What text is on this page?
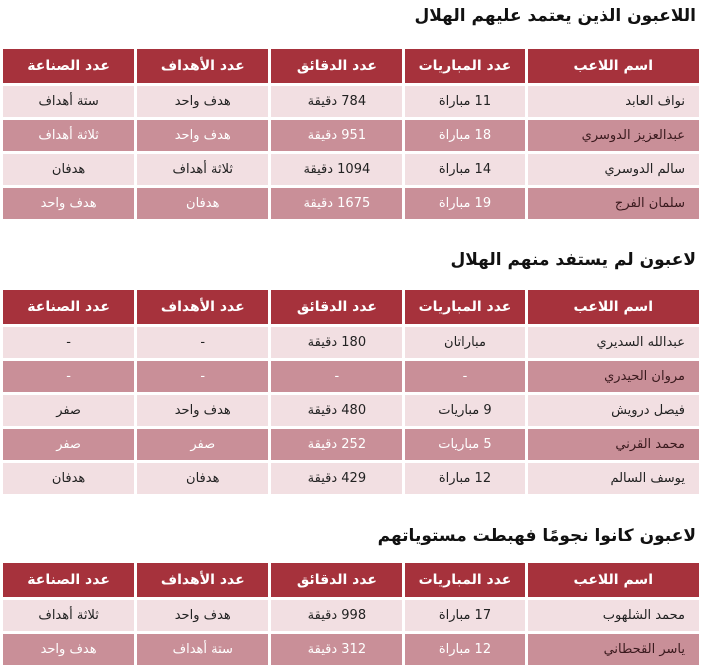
اللاعبون الذين يعتمد عليهم الهلال
اسم اللاعب	عدد المباريات	عدد الدقائق	عدد الأهداف	عدد الصناعة
نواف العابد	11 مباراة	784 دقيقة	هدف واحد	ستة أهداف
عبدالعزيز الدوسري	18 مباراة	951 دقيقة	هدف واحد	ثلاثة أهداف
سالم الدوسري	14 مباراة	1094 دقيقة	ثلاثة أهداف	هدفان
سلمان الفرج	19 مباراة	1675 دقيقة	هدفان	هدف واحد
لاعبون لم يستفد منهم الهلال
اسم اللاعب	عدد المباريات	عدد الدقائق	عدد الأهداف	عدد الصناعة
عبدالله السديري	مباراتان	180 دقيقة	-	-
مروان الحيدري	-	-	-	-
فيصل درويش	9 مباريات	480 دقيقة	هدف واحد	صفر
محمد القرني	5 مباريات	252 دقيقة	صفر	صفر
يوسف السالم	12 مباراة	429 دقيقة	هدفان	هدفان
لاعبون كانوا نجومًا فهبطت مستوياتهم
اسم اللاعب	عدد المباريات	عدد الدقائق	عدد الأهداف	عدد الصناعة
محمد الشلهوب	17 مباراة	998 دقيقة	هدف واحد	ثلاثة أهداف
ياسر القحطاني	12 مباراة	312 دقيقة	ستة أهداف	هدف واحد
